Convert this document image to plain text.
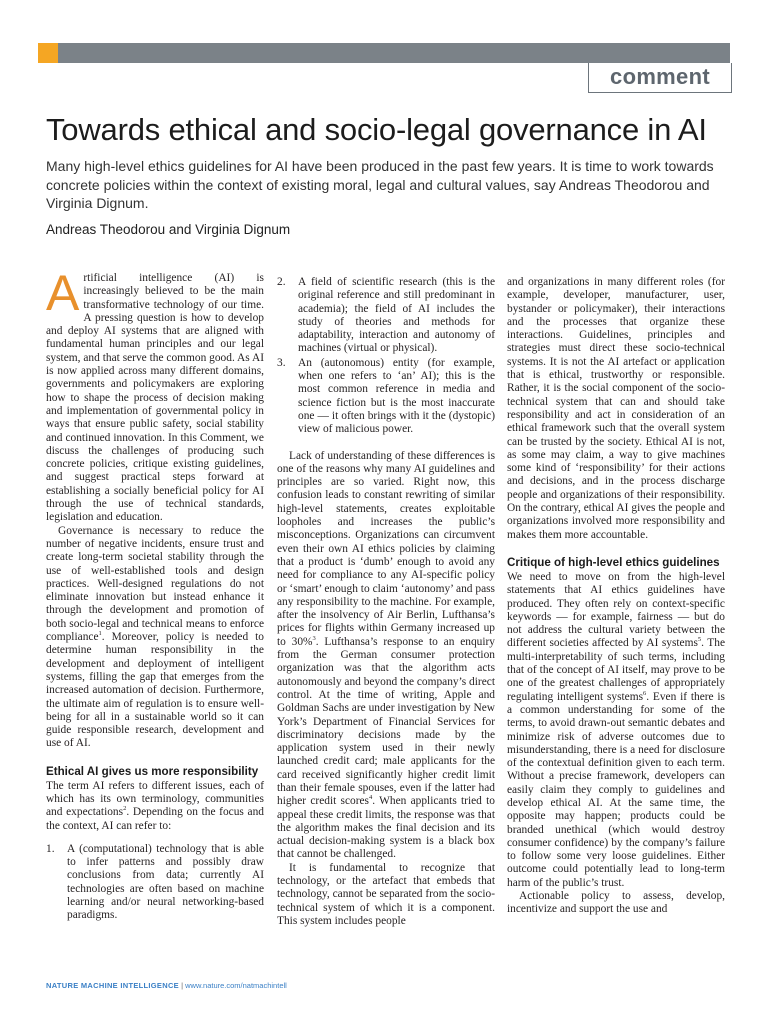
comment
Towards ethical and socio-legal governance in AI

Many high-level ethics guidelines for AI have been produced in the past few years. It is time to work towards concrete policies within the context of existing moral, legal and cultural values, say Andreas Theodorou and Virginia Dignum.

Andreas Theodorou and Virginia Dignum

Artificial intelligence (AI) is increasingly believed to be the main transformative technology of our time. A pressing question is how to develop and deploy AI systems that are aligned with fundamental human principles and our legal system, and that serve the common good. As AI is now applied across many different domains, governments and policymakers are exploring how to shape the process of decision making and implementation of governmental policy in ways that ensure public safety, social stability and continued innovation. In this Comment, we discuss the challenges of producing such concrete policies, critique existing guidelines, and suggest practical steps forward at establishing a socially beneficial policy for AI through the use of technical standards, legislation and education.

Governance is necessary to reduce the number of negative incidents, ensure trust and create long-term societal stability through the use of well-established tools and design practices. Well-designed regulations do not eliminate innovation but instead enhance it through the development and promotion of both socio-legal and technical means to enforce compliance$^1$. Moreover, policy is needed to determine human responsibility in the development and deployment of intelligent systems, filling the gap that emerges from the increased automation of decision. Furthermore, the ultimate aim of regulation is to ensure well-being for all in a sustainable world so it can guide responsible research, development and use of AI.

Ethical AI gives us more responsibility

The term AI refers to different issues, each of which has its own terminology, communities and expectations$^2$. Depending on the focus and the context, AI can refer to:

1. A (computational) technology that is able to infer patterns and possibly draw conclusions from data; currently AI technologies are often based on machine learning and/or neural networking-based paradigms.
2. A field of scientific research (this is the original reference and still predominant in academia); the field of AI includes the study of theories and methods for adaptability, interaction and autonomy of machines (virtual or physical).
3. An (autonomous) entity (for example, when one refers to ‘an’ AI); this is the most common reference in media and science fiction but is the most inaccurate one — it often brings with it the (dystopic) view of malicious power.

Lack of understanding of these differences is one of the reasons why many AI guidelines and principles are so varied. Right now, this confusion leads to constant rewriting of similar high-level statements, creates exploitable loopholes and increases the public’s misconceptions. Organizations can circumvent even their own AI ethics policies by claiming that a product is ‘dumb’ enough to avoid any need for compliance to any AI-specific policy or ‘smart’ enough to claim ‘autonomy’ and pass any responsibility to the machine. For example, after the insolvency of Air Berlin, Lufthansa’s prices for flights within Germany increased up to 30%$^3$. Lufthansa’s response to an enquiry from the German consumer protection organization was that the algorithm acts autonomously and beyond the company’s direct control. At the time of writing, Apple and Goldman Sachs are under investigation by New York’s Department of Financial Services for discriminatory decisions made by the application system used in their newly launched credit card; male applicants for the card received significantly higher credit limit than their female spouses, even if the latter had higher credit scores$^4$. When applicants tried to appeal these credit limits, the response was that the algorithm makes the final decision and its actual decision-making system is a black box that cannot be challenged.

It is fundamental to recognize that technology, or the artefact that embeds that technology, cannot be separated from the socio-technical system of which it is a component. This system includes people

and organizations in many different roles (for example, developer, manufacturer, user, bystander or policymaker), their interactions and the processes that organize these interactions. Guidelines, principles and strategies must direct these socio-technical systems. It is not the AI artefact or application that is ethical, trustworthy or responsible. Rather, it is the social component of the socio-technical system that can and should take responsibility and act in consideration of an ethical framework such that the overall system can be trusted by the society. Ethical AI is not, as some may claim, a way to give machines some kind of ‘responsibility’ for their actions and decisions, and in the process discharge people and organizations of their responsibility. On the contrary, ethical AI gives the people and organizations involved more responsibility and makes them more accountable.

Critique of high-level ethics guidelines

We need to move on from the high-level statements that AI ethics guidelines have produced. They often rely on context-specific keywords — for example, fairness — but do not address the cultural variety between the different societies affected by AI systems$^5$. The multi-interpretability of such terms, including that of the concept of AI itself, may prove to be one of the greatest challenges of appropriately regulating intelligent systems$^6$. Even if there is a common understanding for some of the terms, to avoid drawn-out semantic debates and minimize risk of adverse outcomes due to misunderstanding, there is a need for disclosure of the contextual definition given to each term. Without a precise framework, developers can easily claim they comply to guidelines and develop ethical AI. At the same time, the opposite may happen; products could be branded unethical (which would destroy consumer confidence) by the company’s failure to follow some very loose guidelines. Either outcome could potentially lead to long-term harm of the public’s trust.

Actionable policy to assess, develop, incentivize and support the use and

NATURE MACHINE INTELLIGENCE | www.nature.com/natmachintell
